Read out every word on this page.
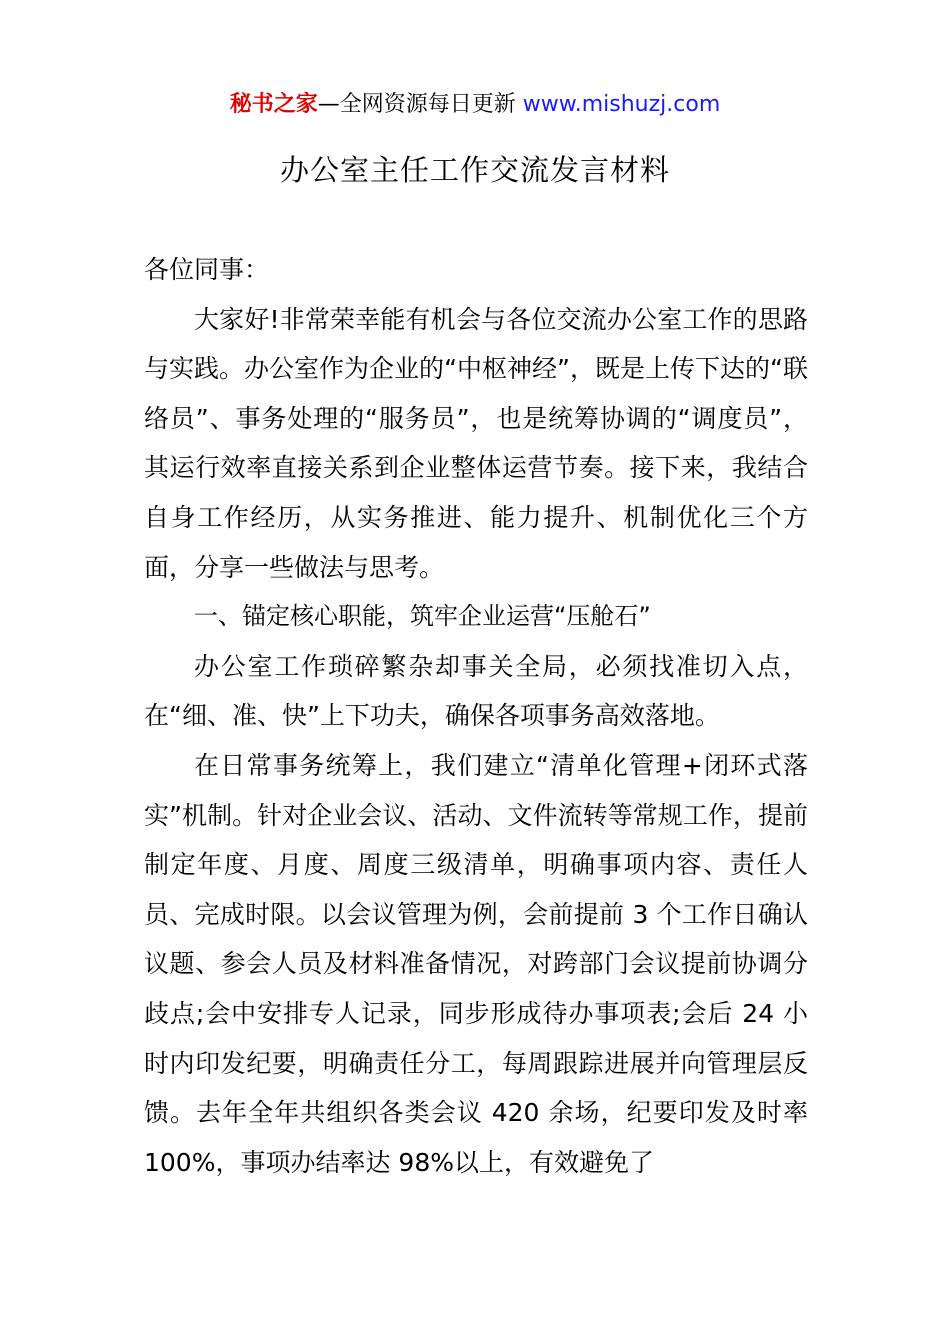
秘书之家—全网资源每日更新 www.mishuzj.com
办公室主任工作交流发言材料

各位同事：

大家好!非常荣幸能有机会与各位交流办公室工作的思路与实践。办公室作为企业的“中枢神经”，既是上传下达的“联络员”、事务处理的“服务员”，也是统筹协调的“调度员”，其运行效率直接关系到企业整体运营节奏。接下来，我结合自身工作经历，从实务推进、能力提升、机制优化三个方面，分享一些做法与思考。

一、锚定核心职能，筑牢企业运营“压舱石”

办公室工作琐碎繁杂却事关全局，必须找准切入点，在“细、准、快”上下功夫，确保各项事务高效落地。

在日常事务统筹上，我们建立“清单化管理+闭环式落实”机制。针对企业会议、活动、文件流转等常规工作，提前制定年度、月度、周度三级清单，明确事项内容、责任人员、完成时限。以会议管理为例，会前提前 3 个工作日确认议题、参会人员及材料准备情况，对跨部门会议提前协调分歧点;会中安排专人记录，同步形成待办事项表;会后 24 小时内印发纪要，明确责任分工，每周跟踪进展并向管理层反馈。去年全年共组织各类会议 420 余场，纪要印发及时率 100%，事项办结率达 98%以上，有效避免了
